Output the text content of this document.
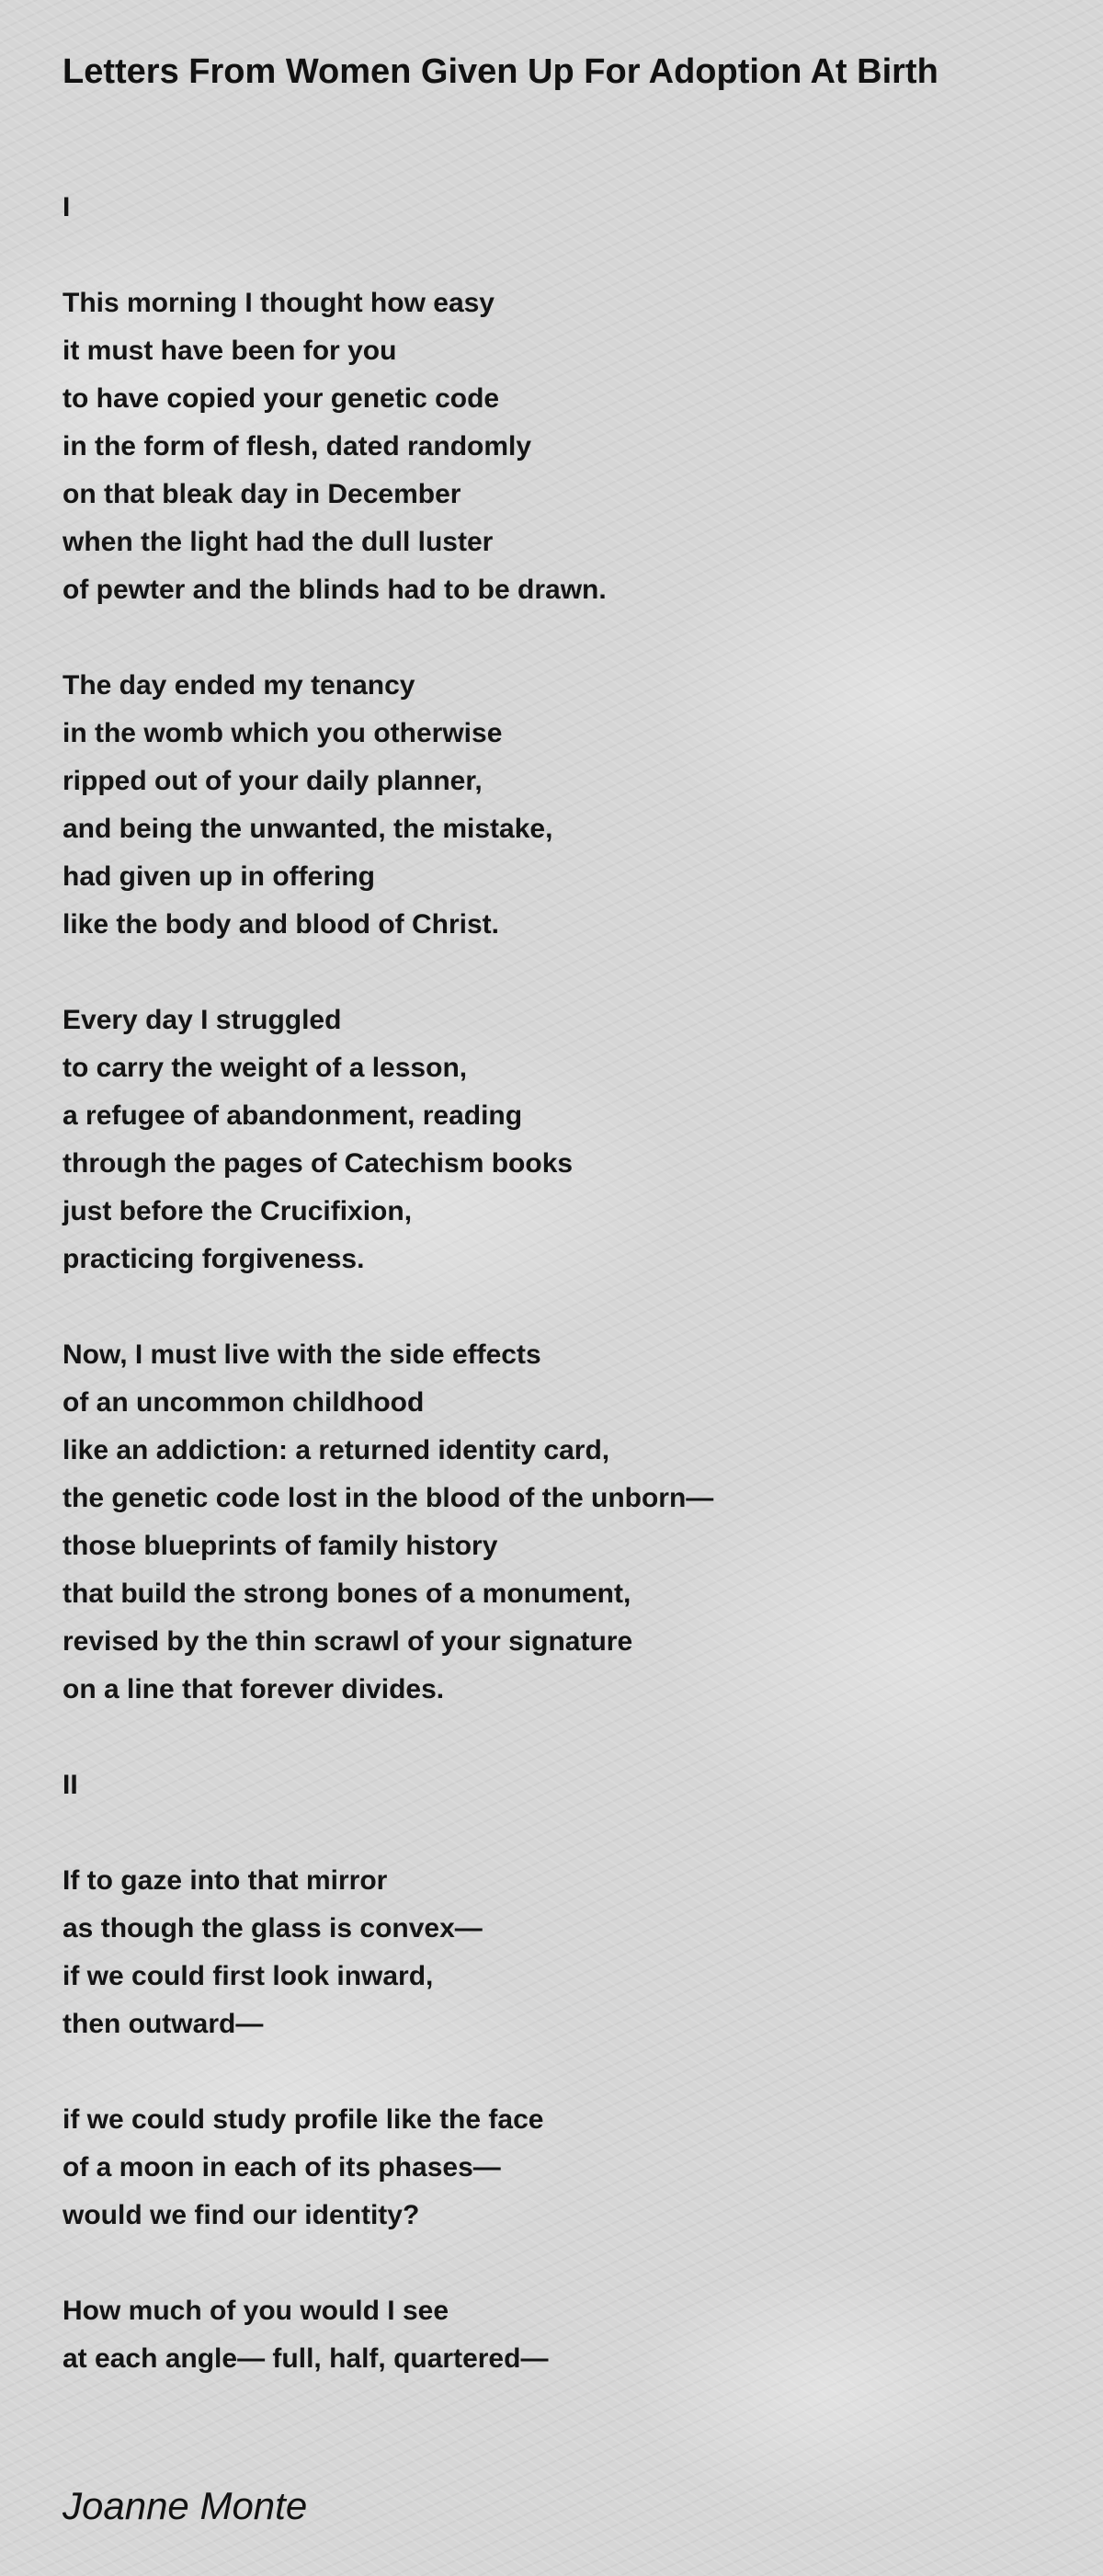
Letters From Women Given Up For Adoption At Birth
I
This morning I thought how easy
it must have been for you
to have copied your genetic code
in the form of flesh, dated randomly
on that bleak day in December
when the light had the dull luster
of pewter and the blinds had to be drawn.
The day ended my tenancy
in the womb which you otherwise
ripped out of your daily planner,
and being the unwanted, the mistake,
had given up in offering
like the body and blood of Christ.
Every day I struggled
to carry the weight of a lesson,
a refugee of abandonment, reading
through the pages of Catechism books
just before the Crucifixion,
practicing forgiveness.
Now, I must live with the side effects
of an uncommon childhood
like an addiction: a returned identity card,
the genetic code lost in the blood of the unborn—
those blueprints of family history
that build the strong bones of a monument,
revised by the thin scrawl of your signature
on a line that forever divides.
II
If to gaze into that mirror
as though the glass is convex—
if we could first look inward,
then outward—
if we could study profile like the face
of a moon in each of its phases—
would we find our identity?
How much of you would I see
at each angle— full, half, quartered—
Joanne Monte
